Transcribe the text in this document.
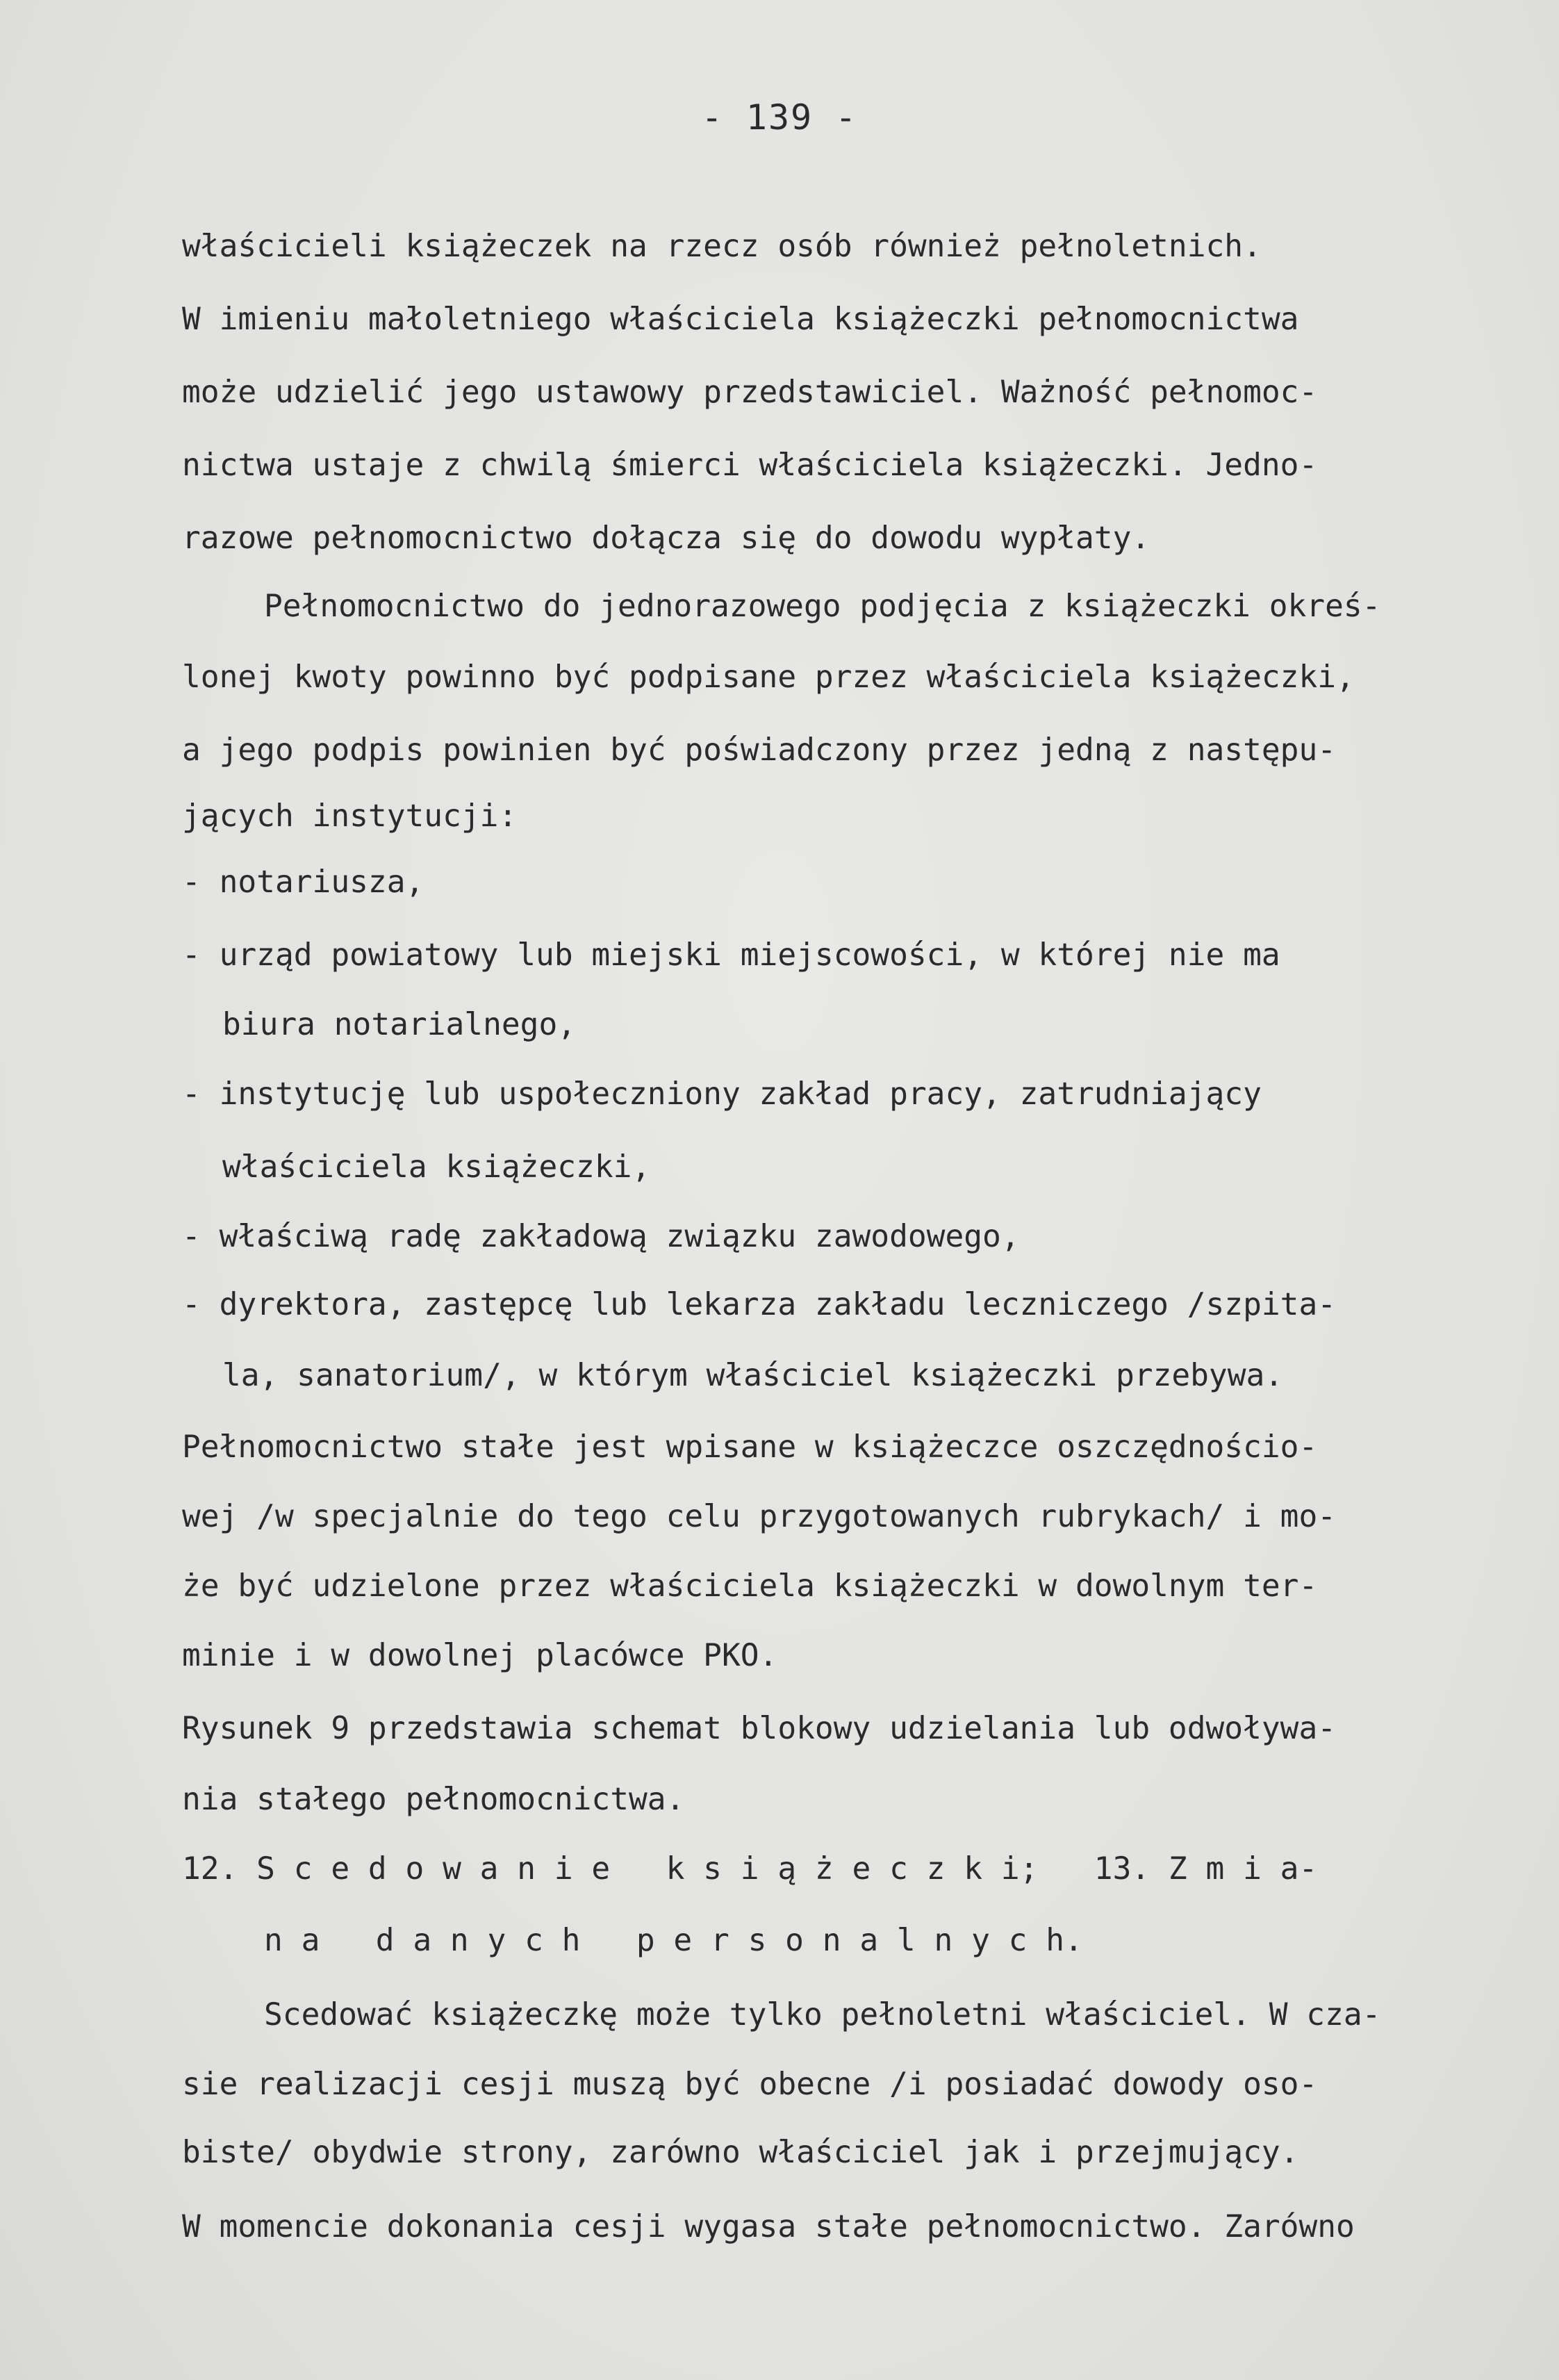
- 139 -
właścicieli książeczek na rzecz osób również pełnoletnich.
W imieniu małoletniego właściciela książeczki pełnomocnictwa
może udzielić jego ustawowy przedstawiciel. Ważność pełnomoc-
nictwa ustaje z chwilą śmierci właściciela książeczki. Jedno-
razowe pełnomocnictwo dołącza się do dowodu wypłaty.
Pełnomocnictwo do jednorazowego podjęcia z książeczki okreś-
lonej kwoty powinno być podpisane przez właściciela książeczki,
a jego podpis powinien być poświadczony przez jedną z następu-
jących instytucji:
- notariusza,
- urząd powiatowy lub miejski miejscowości, w której nie ma
biura notarialnego,
- instytucję lub uspołeczniony zakład pracy, zatrudniający
właściciela książeczki,
- właściwą radę zakładową związku zawodowego,
- dyrektora, zastępcę lub lekarza zakładu leczniczego /szpita-
la, sanatorium/, w którym właściciel książeczki przebywa.
Pełnomocnictwo stałe jest wpisane w książeczce oszczędnościo-
wej /w specjalnie do tego celu przygotowanych rubrykach/ i mo-
że być udzielone przez właściciela książeczki w dowolnym ter-
minie i w dowolnej placówce PKO.
Rysunek 9 przedstawia schemat blokowy udzielania lub odwoływa-
nia stałego pełnomocnictwa.
12. S c e d o w a n i e   k s i ą ż e c z k i;   13. Z m i a-
n a   d a n y c h   p e r s o n a l n y c h.
Scedować książeczkę może tylko pełnoletni właściciel. W cza-
sie realizacji cesji muszą być obecne /i posiadać dowody oso-
biste/ obydwie strony, zarówno właściciel jak i przejmujący.
W momencie dokonania cesji wygasa stałe pełnomocnictwo. Zarówno
